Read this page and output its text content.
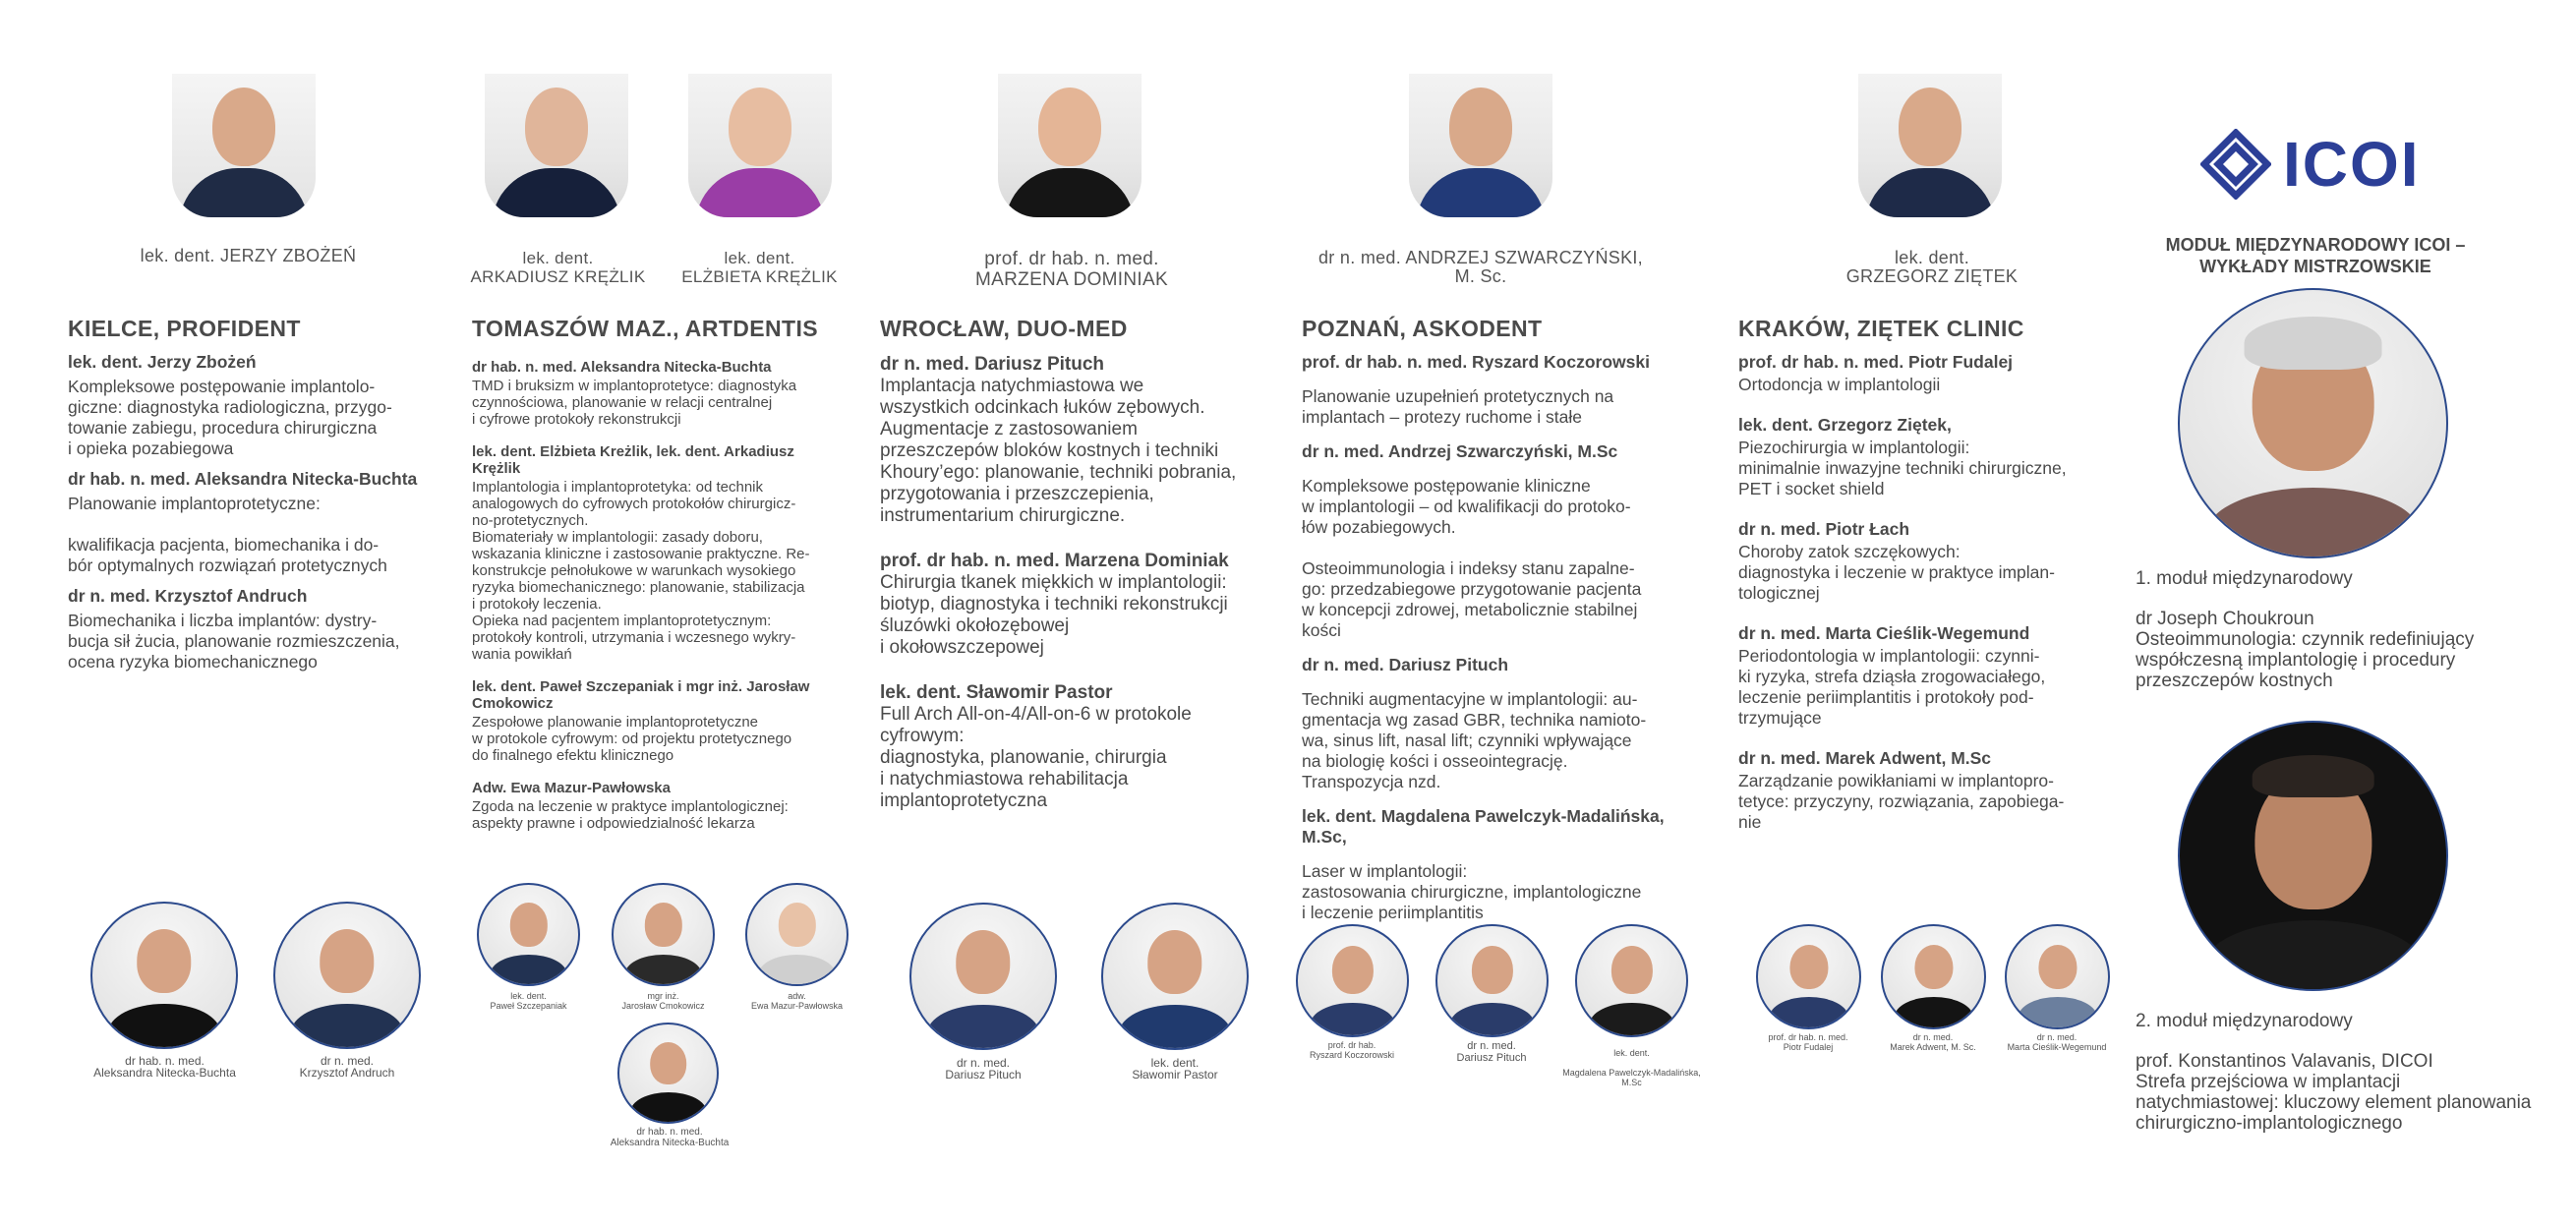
lek. dent. JERZY ZBOŻEŃ	lek. dent.
ARKADIUSZ KRĘŻLIK
lek. dent.
ELŻBIETA KRĘŻLIK
prof. dr hab. n. med.
MARZENA DOMINIAK
dr n. med. ANDRZEJ SZWARCZYŃSKI,
M. Sc.
lek. dent.
GRZEGORZ ZIĘTEK
ICOI
KIELCE, PROFIDENT
lek. dent. Jerzy Zbożeń
Kompleksowe postępowanie implantolo-
giczne: diagnostyka radiologiczna, przygo-
towanie zabiegu, procedura chirurgiczna
i opieka pozabiegowa
dr hab. n. med. Aleksandra Nitecka-Buchta
Planowanie implantoprotetyczne:

kwalifikacja pacjenta, biomechanika i do-
bór optymalnych rozwiązań protetycznych
dr n. med. Krzysztof Andruch
Biomechanika i liczba implantów: dystry-
bucja sił żucia, planowanie rozmieszczenia,
ocena ryzyka biomechanicznego
dr hab. n. med.
Aleksandra Nitecka-Buchta
dr n. med.
Krzysztof Andruch
TOMASZÓW MAZ., ARTDENTIS
dr hab. n. med. Aleksandra Nitecka-Buchta
TMD i bruksizm w implantoprotetyce: diagnostyka
czynnościowa, planowanie w relacji centralnej
i cyfrowe protokoły rekonstrukcji
lek. dent. Elżbieta Kreżlik, lek. dent. Arkadiusz
Krężlik
Implantologia i implantoprotetyka: od technik
analogowych do cyfrowych protokołów chirurgicz-
no-protetycznych.
Biomateriały w implantologii: zasady doboru,
wskazania kliniczne i zastosowanie praktyczne. Re-
konstrukcje pełnołukowe w warunkach wysokiego
ryzyka biomechanicznego: planowanie, stabilizacja
i protokoły leczenia.
Opieka nad pacjentem implantoprotetycznym:
protokoły kontroli, utrzymania i wczesnego wykry-
wania powikłań
lek. dent. Paweł Szczepaniak i mgr inż. Jarosław
Cmokowicz
Zespołowe planowanie implantoprotetyczne
w protokole cyfrowym: od projektu protetycznego
do finalnego efektu klinicznego
Adw. Ewa Mazur-Pawłowska
Zgoda na leczenie w praktyce implantologicznej:
aspekty prawne i odpowiedzialność lekarza
lek. dent.
Paweł Szczepaniak
mgr inż.
Jarosław Cmokowicz
adw.
Ewa Mazur-Pawłowska
dr hab. n. med.
Aleksandra Nitecka-Buchta
WROCŁAW, DUO-MED
dr n. med. Dariusz Pituch
Implantacja natychmiastowa we
wszystkich odcinkach łuków zębowych.
Augmentacje z zastosowaniem
przeszczepów bloków kostnych i techniki
Khoury’ego: planowanie, techniki pobrania,
przygotowania i przeszczepienia,
instrumentarium chirurgiczne.
prof. dr hab. n. med. Marzena Dominiak
Chirurgia tkanek miękkich w implantologii:
biotyp, diagnostyka i techniki rekonstrukcji
śluzówki okołozębowej
i okołowszczepowej
lek. dent. Sławomir Pastor
Full Arch All-on-4/All-on-6 w protokole
cyfrowym:
diagnostyka, planowanie, chirurgia
i natychmiastowa rehabilitacja
implantoprotetyczna
dr n. med.
Dariusz Pituch
lek. dent.
Sławomir Pastor
POZNAŃ, ASKODENT
prof. dr hab. n. med. Ryszard Koczorowski
Planowanie uzupełnień protetycznych na
implantach – protezy ruchome i stałe
dr n. med. Andrzej Szwarczyński, M.Sc
Kompleksowe postępowanie kliniczne
w implantologii – od kwalifikacji do protoko-
łów pozabiegowych.

Osteoimmunologia i indeksy stanu zapalne-
go: przedzabiegowe przygotowanie pacjenta
w koncepcji zdrowej, metabolicznie stabilnej
kości
dr n. med. Dariusz Pituch
Techniki augmentacyjne w implantologii: au-
gmentacja wg zasad GBR, technika namioto-
wa, sinus lift, nasal lift; czynniki wpływające
na biologię kości i osseointegrację.
Transpozycja nzd.
lek. dent. Magdalena Pawelczyk-Madalińska,
M.Sc,
Laser w implantologii:
zastosowania chirurgiczne, implantologiczne
i leczenie periimplantitis
prof. dr hab.
Ryszard Koczorowski
dr n. med.
Dariusz Pituch	lek. dent.

Magdalena Pawelczyk-Madalińska,
M.Sc

KRAKÓW, ZIĘTEK CLINIC
prof. dr hab. n. med. Piotr Fudalej
Ortodoncja w implantologii
lek. dent. Grzegorz Ziętek,
Piezochirurgia w implantologii:
minimalnie inwazyjne techniki chirurgiczne,
PET i socket shield
dr n. med. Piotr Łach
Choroby zatok szczękowych:
diagnostyka i leczenie w praktyce implan-
tologicznej
dr n. med. Marta Cieślik-Wegemund
Periodontologia w implantologii: czynni-
ki ryzyka, strefa dziąsła zrogowaciałego,
leczenie periimplantitis i protokoły pod-
trzymujące
dr n. med. Marek Adwent, M.Sc
Zarządzanie powikłaniami w implantopro-
tetyce: przyczyny, rozwiązania, zapobiega-
nie
prof. dr hab. n. med.
Piotr Fudalej
dr n. med.
Marek Adwent, M. Sc.
dr n. med.
Marta Cieślik-Wegemund
MODUŁ MIĘDZYNARODOWY ICOI –
WYKŁADY MISTRZOWSKIE
1. moduł międzynarodowy
dr Joseph Choukroun
Osteoimmunologia: czynnik redefiniujący współczesną implantologię i procedury przeszczepów kostnych
2. moduł międzynarodowy
prof. Konstantinos Valavanis, DICOI
Strefa przejściowa w implantacji natychmiastowej: kluczowy element planowania chirurgiczno-implantologicznego
